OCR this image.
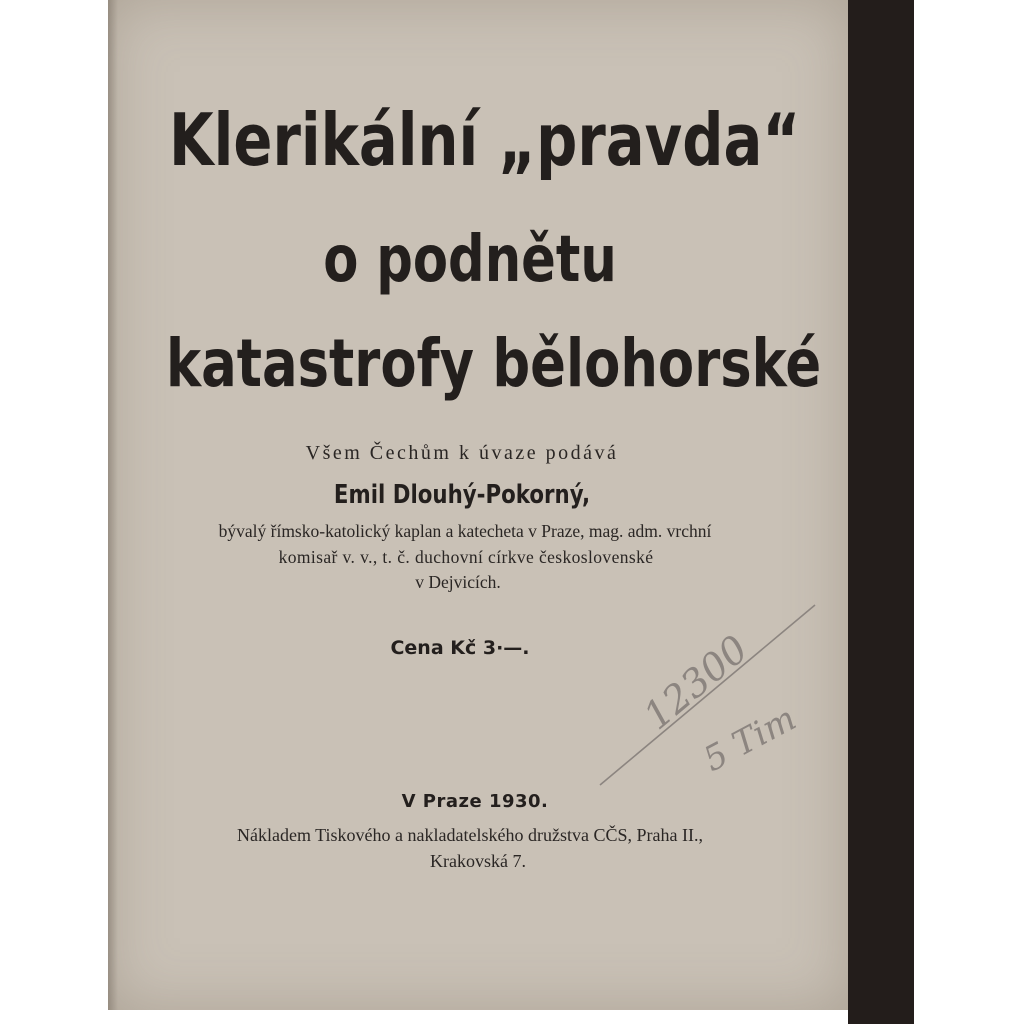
Klerikální „pravda“
o podnětu
katastrofy bělohorské
Všem Čechům k úvaze podává
Emil Dlouhý-Pokorný,
bývalý římsko-katolický kaplan a katecheta v Praze, mag. adm. vrchní
komisař v. v., t. č. duchovní církve československé
v Dejvicích.
Cena Kč 3·—.	12300
5 Tim
V Praze 1930.
Nákladem Tiskového a nakladatelského družstva CČS, Praha II.,
Krakovská 7.
